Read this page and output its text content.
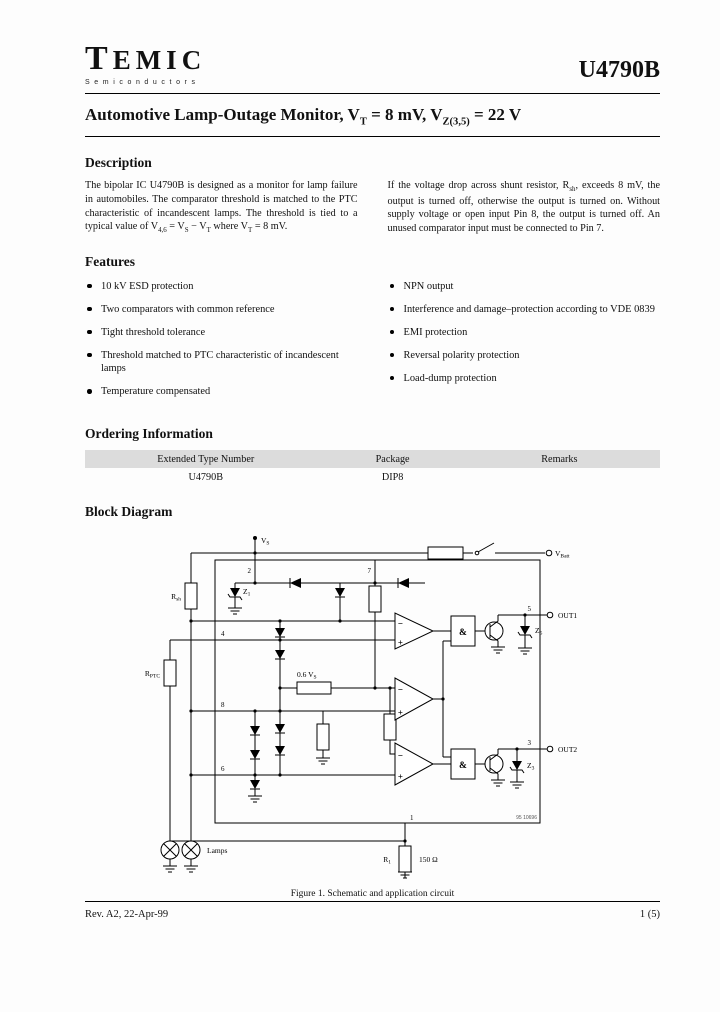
TEMIC
Semiconductors	U4790B
Automotive Lamp-Outage Monitor, $V_T = 8$ mV, $V_{Z(3,5)} = 22$ V
Description

The bipolar IC U4790B is designed as a monitor for lamp failure in automobiles. The comparator threshold is matched to the PTC characteristic of incandescent lamps. The threshold is tied to a typical value of $V_{4,6} = V_S - V_T$ where $V_T = 8$ mV.

If the voltage drop across shunt resistor, $R_{sh}$, exceeds 8 mV, the output is turned off, otherwise the output is turned on. Without supply voltage or open input Pin 8, the output is turned off. An unused comparator input must be connected to Pin 7.

Features
10 kV ESD protection
Two comparators with common reference
Tight threshold tolerance
Threshold matched to PTC characteristic of incandescent lamps
Temperature compensated
NPN output
Interference and damage–protection according to VDE 0839
EMI protection
Reversal polarity protection
Load-dump protection
Ordering Information
Extended Type Number	Package	Remarks
U4790B	DIP8	
Block Diagram
−
+
−
+
−
+
&
&
$V_S$
$V_{Batt}$
$R_{sh}$
$R_{PTC}$
$Z_1$
$Z_5$
$Z_3$
0.6 $V_S$
$R_1$	150 Ω
Lamps
OUT1
OUT2
95 10696
2	7
4
8
6
1
5
3
Figure 1. Schematic and application circuit
Rev. A2, 22-Apr-99	1 (5)
